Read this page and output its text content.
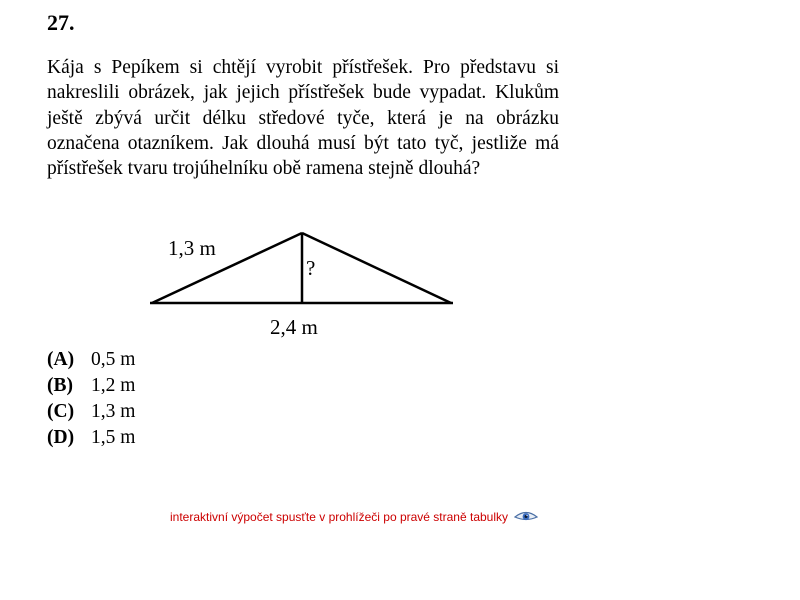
27.

Kája s Pepíkem si chtějí vyrobit přístřešek. Pro představu si nakreslili obrázek, jak jejich přístřešek bude vypadat. Klukům ještě zbývá určit délku středové tyče, která je na obrázku označena otazníkem. Jak dlouhá musí být tato tyč, jestliže má přístřešek tvaru trojúhelníku obě ramena stejně dlouhá?

1,3 m
?
2,4 m
(A) 0,5 m
(B) 1,2 m
(C) 1,3 m
(D) 1,5 m
interaktivní výpočet spusťte v prohlížeči po pravé straně tabulky
